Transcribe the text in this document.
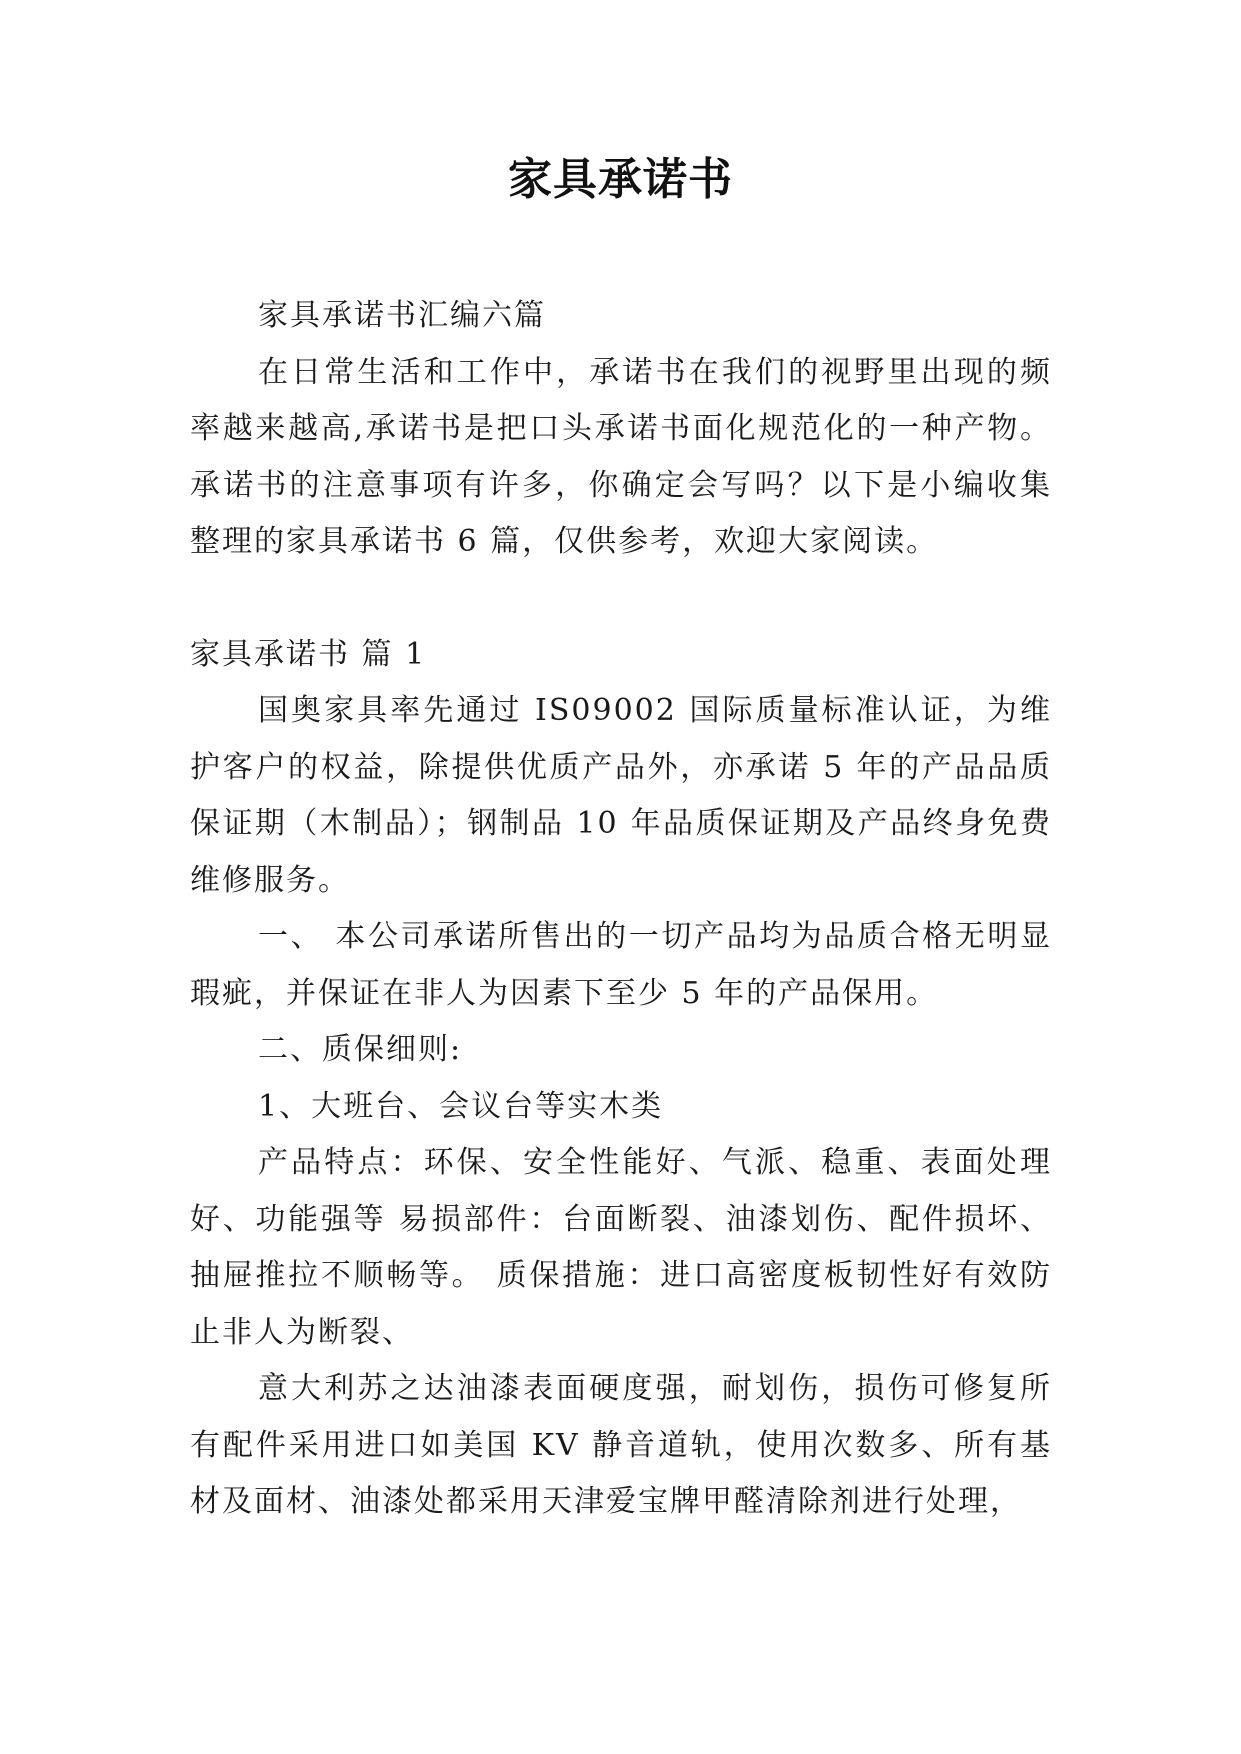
家具承诺书

家具承诺书汇编六篇

在日常生活和工作中，承诺书在我们的视野里出现的频率越来越高,承诺书是把口头承诺书面化规范化的一种产物。承诺书的注意事项有许多，你确定会写吗？以下是小编收集整理的家具承诺书 6 篇，仅供参考，欢迎大家阅读。

家具承诺书 篇 1

国奥家具率先通过 IS09002 国际质量标准认证，为维护客户的权益，除提供优质产品外，亦承诺 5 年的产品品质保证期（木制品）；钢制品 10 年品质保证期及产品终身免费维修服务。

一、 本公司承诺所售出的一切产品均为品质合格无明显瑕疵，并保证在非人为因素下至少 5 年的产品保用。

二、质保细则:

1、大班台、会议台等实木类

产品特点：环保、安全性能好、气派、稳重、表面处理好、功能强等 易损部件：台面断裂、油漆划伤、配件损坏、抽屉推拉不顺畅等。 质保措施：进口高密度板韧性好有效防止非人为断裂、

意大利苏之达油漆表面硬度强，耐划伤，损伤可修复所有配件采用进口如美国 KV 静音道轨，使用次数多、所有基材及面材、油漆处都采用天津爱宝牌甲醛清除剂进行处理，
